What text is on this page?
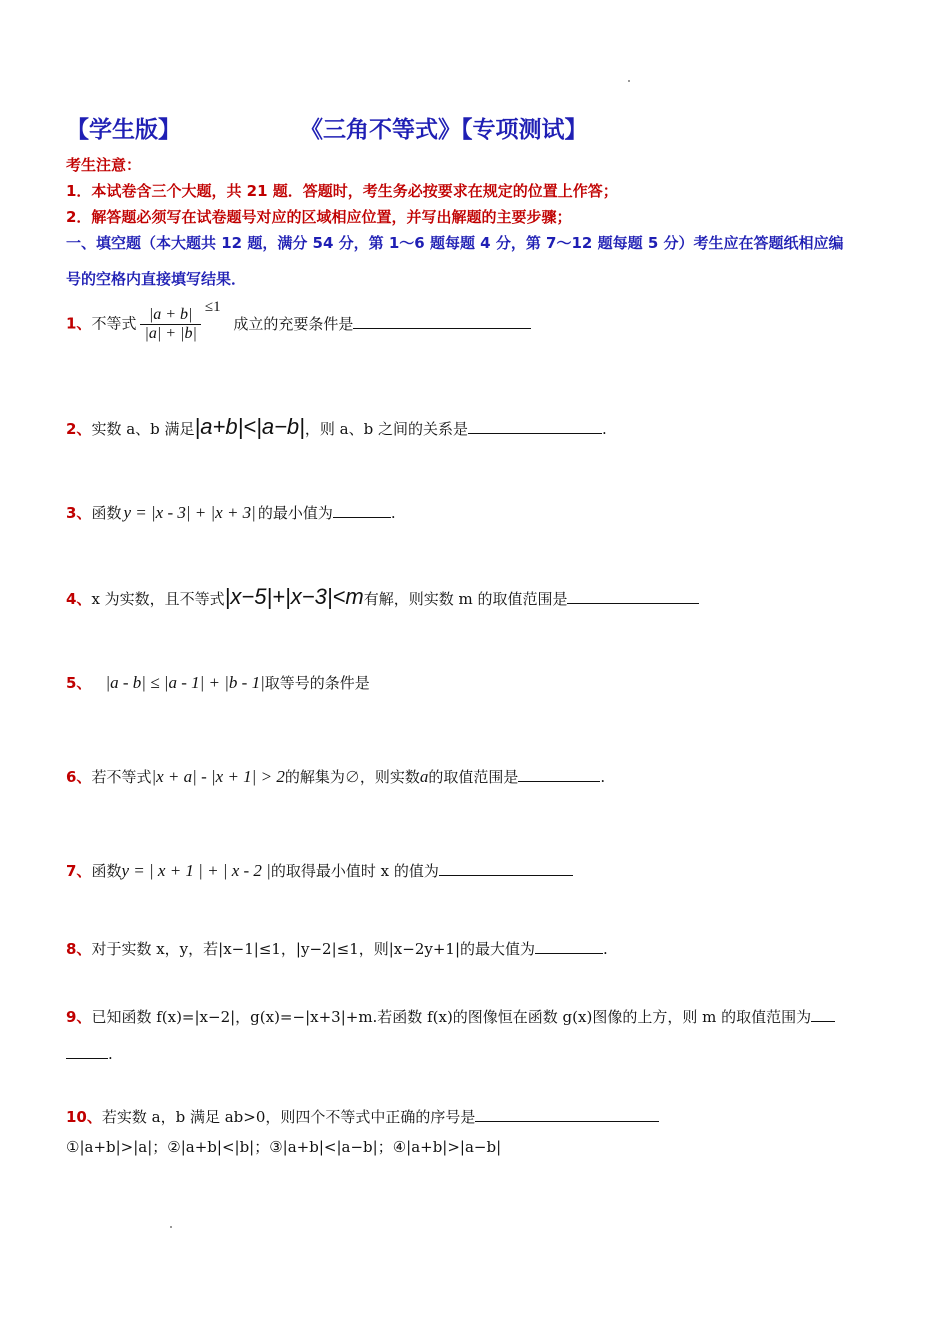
【学生版】	《三角不等式》【专项测试】
考生注意：
1．本试卷含三个大题，共 21 题．答题时，考生务必按要求在规定的位置上作答；
2．解答题必须写在试卷题号对应的区域相应位置，并写出解题的主要步骤；
一、填空题（本大题共 12 题，满分 54 分，第 1～6 题每题 4 分，第 7～12 题每题 5 分）考生应在答题纸相应编
号的空格内直接填写结果．
1、不等式 $\frac{|a + b|}{|a| + |b|} \le 1$ 成立的充要条件是
2、实数 a、b 满足|a+b|<|a−b|，则 a、b 之间的关系是	.
3、函数 y = |x - 3| + |x + 3| 的最小值为	.
4、x 为实数，且不等式|x−5|+|x−3|<m有解，则实数 m 的取值范围是
5、 |a - b| ≤ |a - 1| + |b - 1|取等号的条件是
6、若不等式|x + a| - |x + 1| > 2的解集为∅，则实数a的取值范围是	.
7、函数y = | x + 1 | + | x - 2 |的取得最小值时 x 的值为
8、对于实数 x，y，若|x−1|≤1，|y−2|≤1，则|x−2y+1|的最大值为	.
9、已知函数 f(x)=|x−2|，g(x)=−|x+3|+m.若函数 f(x)的图像恒在函数 g(x)图像的上方，则 m 的取值范围为
.
10、若实数 a，b 满足 ab>0，则四个不等式中正确的序号是
①|a+b|>|a|；②|a+b|<|b|；③|a+b|<|a−b|；④|a+b|>|a−b|
